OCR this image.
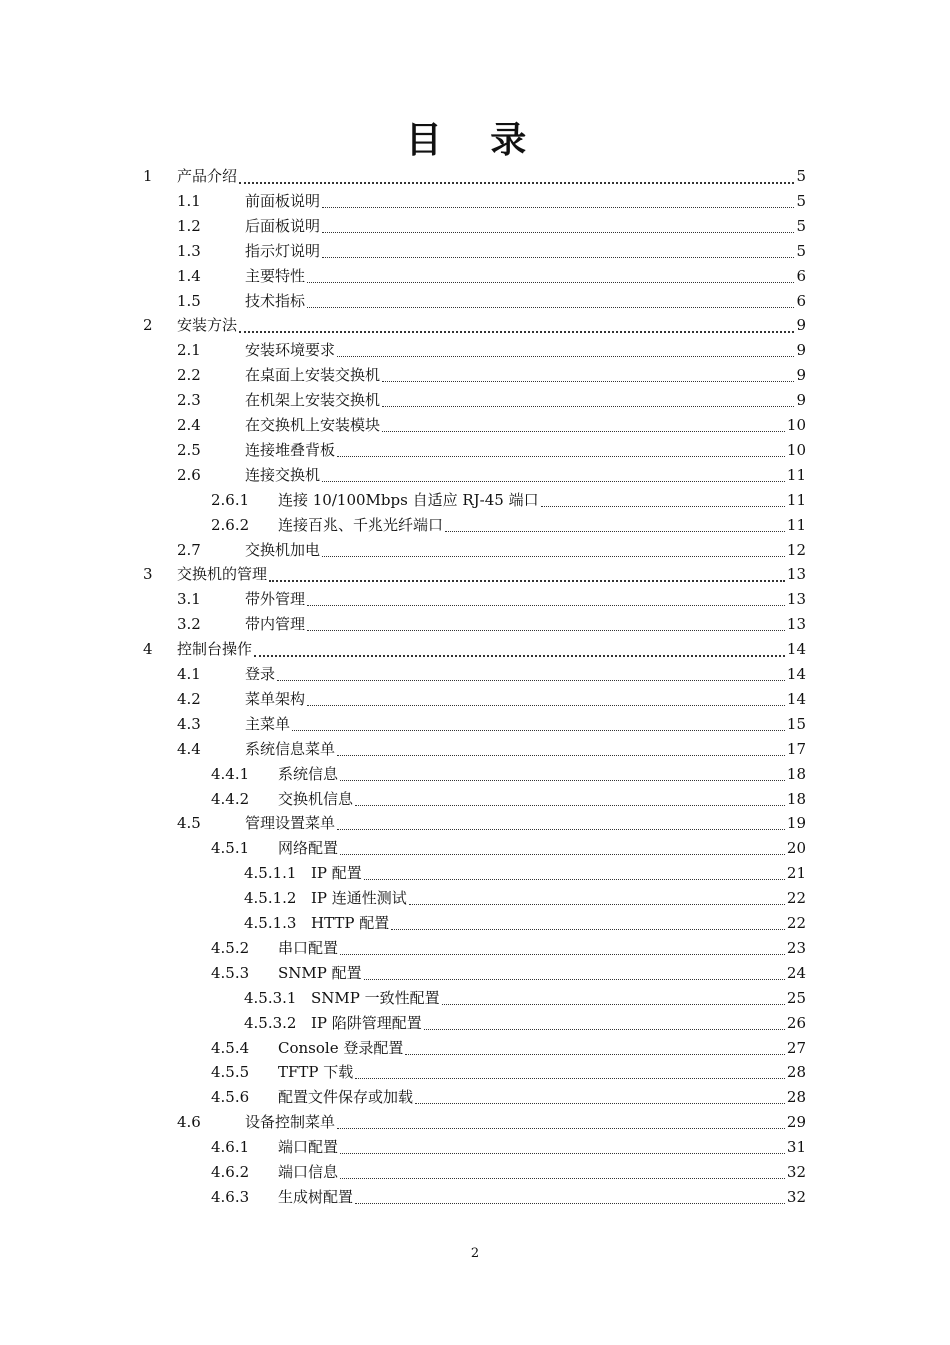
目 录
1 产品介绍	5
1.1	前面板说明	5
1.2	后面板说明	5
1.3	指示灯说明	5
1.4	主要特性	6
1.5	技术指标	6
2 安装方法	9
2.1	安装环境要求	9
2.2	在桌面上安装交换机	9
2.3	在机架上安装交换机	9
2.4	在交换机上安装模块	10
2.5	连接堆叠背板	10
2.6	连接交换机	11
2.6.1 连接 10/100Mbps 自适应 RJ-45 端口	11
2.6.2 连接百兆、千兆光纤端口	11
2.7	交换机加电	12
3 交换机的管理	13
3.1	带外管理	13
3.2	带内管理	13
4 控制台操作	14
4.1	登录	14
4.2	菜单架构	14
4.3	主菜单	15
4.4	系统信息菜单	17
4.4.1 系统信息	18
4.4.2 交换机信息	18
4.5	管理设置菜单	19
4.5.1 网络配置	20
4.5.1.1 IP 配置	21
4.5.1.2 IP 连通性测试	22
4.5.1.3 HTTP 配置	22
4.5.2 串口配置	23
4.5.3 SNMP 配置	24
4.5.3.1 SNMP 一致性配置	25
4.5.3.2 IP 陷阱管理配置	26
4.5.4 Console 登录配置	27
4.5.5 TFTP 下载	28
4.5.6 配置文件保存或加载	28
4.6	设备控制菜单	29
4.6.1 端口配置	31
4.6.2 端口信息	32
4.6.3 生成树配置	32
2
